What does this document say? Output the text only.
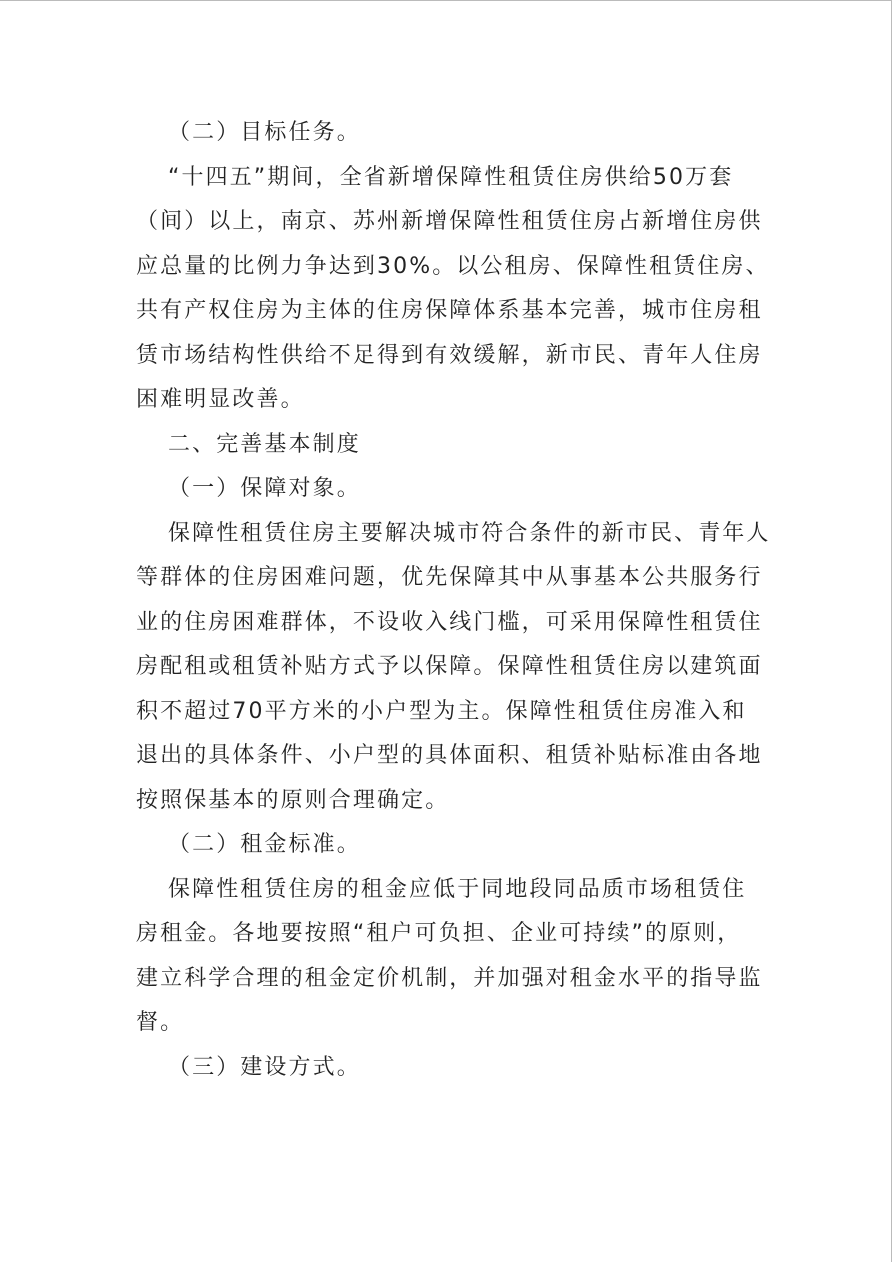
（二）目标任务。
“十四五”期间，全省新增保障性租赁住房供给50万套
（间）以上，南京、苏州新增保障性租赁住房占新增住房供
应总量的比例力争达到30%。以公租房、保障性租赁住房、
共有产权住房为主体的住房保障体系基本完善，城市住房租
赁市场结构性供给不足得到有效缓解，新市民、青年人住房
困难明显改善。
二、完善基本制度
（一）保障对象。
保障性租赁住房主要解决城市符合条件的新市民、青年人
等群体的住房困难问题，优先保障其中从事基本公共服务行
业的住房困难群体，不设收入线门槛，可采用保障性租赁住
房配租或租赁补贴方式予以保障。保障性租赁住房以建筑面
积不超过70平方米的小户型为主。保障性租赁住房准入和
退出的具体条件、小户型的具体面积、租赁补贴标准由各地
按照保基本的原则合理确定。
（二）租金标准。
保障性租赁住房的租金应低于同地段同品质市场租赁住
房租金。各地要按照“租户可负担、企业可持续”的原则，
建立科学合理的租金定价机制，并加强对租金水平的指导监
督。
（三）建设方式。
